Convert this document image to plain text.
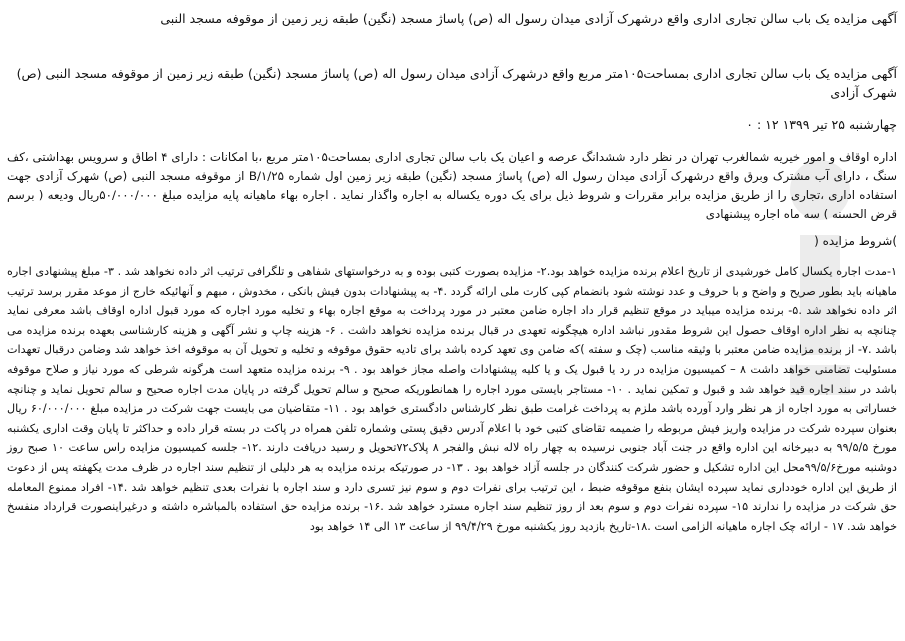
آگهی مزایده یک باب سالن تجاری اداری واقع درشهرک آزادی میدان رسول اله (ص) پاساژ مسجد (نگین) طبقه زیر زمین از موقوفه مسجد النبی
آگهی مزایده یک باب سالن تجاری اداری بمساحت۱۰۵متر مربع واقع درشهرک آزادی میدان رسول اله (ص) پاساژ مسجد (نگین) طبقه زیر زمین از موقوفه مسجد النبی (ص) شهرک آزادی
چهارشنبه ۲۵ تیر ۱۳۹۹ ۱۲ : ۰
اداره اوقاف و امور خیریه شمالغرب تهران در نظر دارد ششدانگ عرصه و اعیان یک باب سالن تجاری اداری بمساحت۱۰۵متر مربع ،با امکانات : دارای ۴ اطاق و سرویس بهداشتی ،کف سنگ ، دارای آب مشترک وبرق واقع درشهرک آزادی میدان رسول اله (ص) پاساژ مسجد (نگین) طبقه زیر زمین اول شماره B/۱/۲۵ از موقوفه مسجد النبی (ص) شهرک آزادی جهت استفاده اداری ،تجاری را از طریق مزایده برابر مقررات و شروط ذیل برای یک دوره یکساله به اجاره واگذار نماید . اجاره بهاء ماهیانه پایه مزایده مبلغ ۵۰/۰۰۰/۰۰۰ریال ودیعه ( برسم قرض الحسنه ) سه ماه اجاره پیشنهادی
)شروط مزایده (
۱-مدت اجاره یکسال کامل خورشیدی از تاریخ اعلام برنده مزایده خواهد بود.۲- مزایده بصورت کتبی بوده و به درخواستهای شفاهی و تلگرافی ترتیب اثر داده نخواهد شد . ۳- مبلغ پیشنهادی اجاره ماهیانه باید بطور صریح و واضح و با حروف و عدد نوشته شود بانضمام کپی کارت ملی ارائه گردد .۴- به پیشنهادات بدون فیش بانکی ، مخدوش ، مبهم و آنهائیکه خارج از موعد مقرر برسد ترتیب اثر داده نخواهد شد .۵- برنده مزایده میباید در موقع تنظیم قرار داد اجاره ضامن معتبر در مورد پرداخت به موقع اجاره بهاء و تخلیه مورد اجاره که مورد قبول اداره اوقاف باشد معرفی نماید چنانچه به نظر اداره اوقاف حصول این شروط مقدور نباشد اداره هیچگونه تعهدی در قبال برنده مزایده نخواهد داشت . ۶- هزینه چاپ و نشر آگهی و هزینه کارشناسی بعهده برنده مزایده می باشد .۷- از برنده مزایده ضامن معتبر با وثیقه مناسب (چک و سفته )که ضامن وی تعهد کرده باشد برای تادیه حقوق موقوفه و تخلیه و تحویل آن به موقوفه اخذ خواهد شد وضامن درقبال تعهدات مسئولیت تضامنی خواهد داشت ۸ – کمیسیون مزایده در رد یا قبول یک و یا کلیه پیشنهادات واصله مجاز خواهد بود . ۹- برنده مزایده متعهد است هرگونه شرطی که مورد نیاز و صلاح موقوفه باشد در سند اجاره قید خواهد شد و قبول و تمکین نماید . ۱۰- مستاجر بایستی مورد اجاره را همانطوریکه صحیح و سالم تحویل گرفته در پایان مدت اجاره صحیح و سالم تحویل نماید و چنانچه خساراتی به مورد اجاره از هر نظر وارد آورده باشد ملزم به پرداخت غرامت طبق نظر کارشناس دادگستری خواهد بود . ۱۱- متقاضیان می بایست جهت شرکت در مزایده مبلغ ۶۰/۰۰۰/۰۰۰ ریال بعنوان سپرده شرکت در مزایده واریز فیش مربوطه را ضمیمه تقاضای کتبی خود با اعلام آدرس دقیق پستی وشماره تلفن همراه در پاکت در بسته قرار داده و حداکثر تا پایان وقت اداری یکشنبه مورخ ۹۹/۵/۵ به دبیرخانه این اداره واقع در جنت آباد جنوبی نرسیده به چهار راه لاله نبش والفجر ۸ پلاک۷۲تحویل و رسید دریافت دارند .۱۲- جلسه کمیسیون مزایده راس ساعت ۱۰ صبح روز دوشنبه مورخ۹۹/۵/۶محل این اداره تشکیل و حضور شرکت کنندگان در جلسه آزاد خواهد بود . ۱۳- در صورتیکه برنده مزایده به هر دلیلی از تنظیم سند اجاره در ظرف مدت یکهفته پس از دعوت از طریق این اداره خودداری نماید سپرده ایشان بنفع موقوفه ضبط ، این ترتیب برای نفرات دوم و سوم نیز تسری دارد و سند اجاره با نفرات بعدی تنظیم خواهد شد .۱۴- افراد ممنوع المعامله حق شرکت در مزایده را ندارند ۱۵- سپرده نفرات دوم و سوم بعد از روز تنظیم سند اجاره مسترد خواهد شد .۱۶- برنده مزایده حق استفاده بالمباشره داشته و درغیراینصورت قرارداد منفسخ خواهد شد. ۱۷ - ارائه چک اجاره ماهیانه الزامی است .۱۸-تاریخ بازدید روز یکشنبه مورخ ۹۹/۴/۲۹ از ساعت ۱۳ الی ۱۴ خواهد بود
